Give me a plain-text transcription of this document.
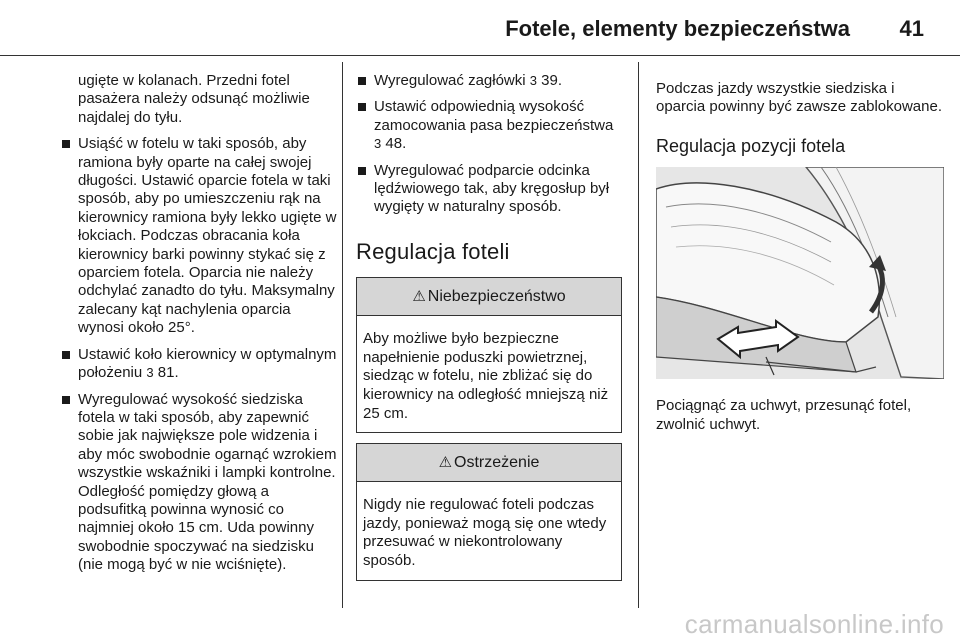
Fotele, elementy bezpieczeństwa 41

ugięte w kolanach. Przedni fotel pasażera należy odsunąć możliwie najdalej do tyłu.

Usiąść w fotelu w taki sposób, aby ramiona były oparte na całej swojej długości. Ustawić oparcie fotela w taki sposób, aby po umieszczeniu rąk na kierownicy ramiona były lekko ugięte w łokciach. Podczas obracania koła kierownicy barki powinny stykać się z oparciem fotela. Oparcia nie należy odchylać zanadto do tyłu. Maksymalny zalecany kąt nachylenia oparcia wynosi około 25°.
Ustawić koło kierownicy w optymalnym położeniu 3 81.
Wyregulować wysokość siedziska fotela w taki sposób, aby zapewnić sobie jak największe pole widzenia i aby móc swobodnie ogarnąć wzrokiem wszystkie wskaźniki i lampki kontrolne. Odległość pomiędzy głową a podsufitką powinna wynosić co najmniej około 15 cm. Uda powinny swobodnie spoczywać na siedzisku (nie mogą być w nie wciśnięte).
Wyregulować zagłówki 3 39.
Ustawić odpowiednią wysokość zamocowania pasa bezpieczeństwa 3 48.
Wyregulować podparcie odcinka lędźwiowego tak, aby kręgosłup był wygięty w naturalny sposób.
Regulacja foteli
⚠ Niebezpieczeństwo
Aby możliwe było bezpieczne napełnienie poduszki powietrznej, siedząc w fotelu, nie zbliżać się do kierownicy na odległość mniejszą niż 25 cm.
⚠ Ostrzeżenie
Nigdy nie regulować foteli podczas jazdy, ponieważ mogą się one wtedy przesuwać w niekontrolowany sposób.

Podczas jazdy wszystkie siedziska i oparcia powinny być zawsze zablokowane.

Regulacja pozycji fotela

Pociągnąć za uchwyt, przesunąć fotel, zwolnić uchwyt.

carmanualsonline.info
